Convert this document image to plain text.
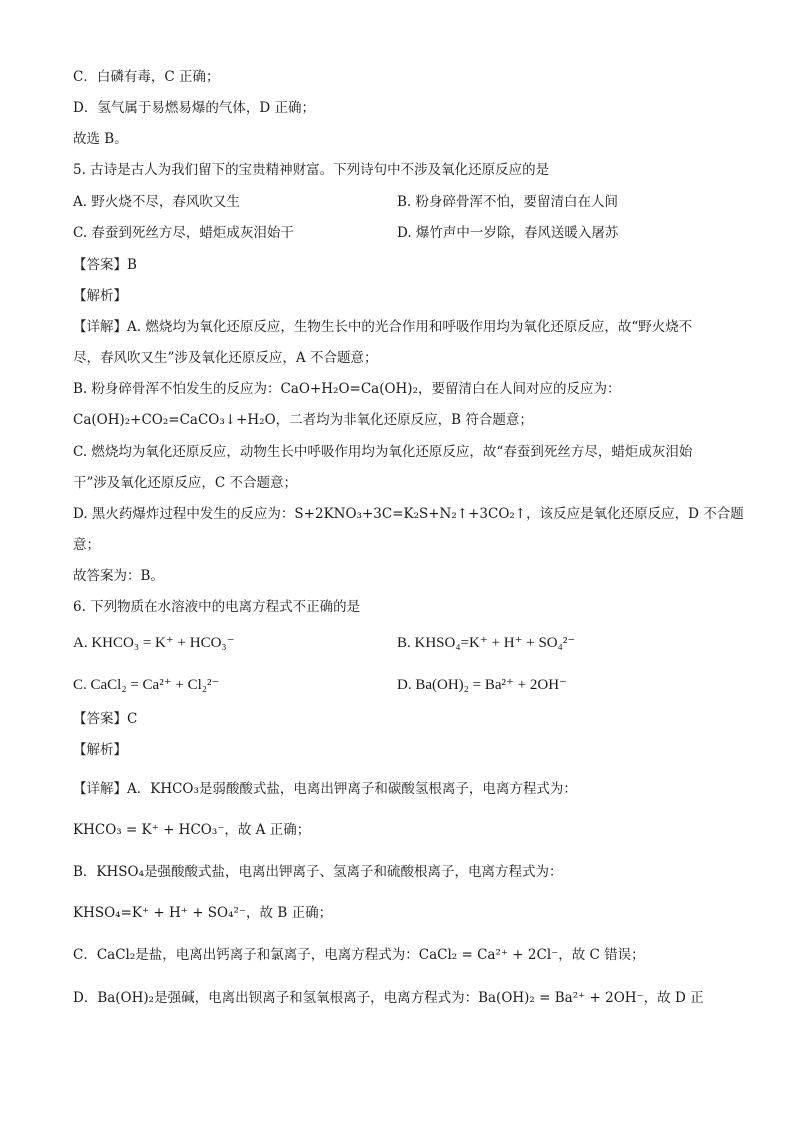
C．白磷有毒，C 正确；
D．氢气属于易燃易爆的气体，D 正确；
故选 B。
5. 古诗是古人为我们留下的宝贵精神财富。下列诗句中不涉及氧化还原反应的是
A. 野火烧不尽，春风吹又生	B. 粉身碎骨浑不怕，要留清白在人间
C. 春蚕到死丝方尽，蜡炬成灰泪始干	D. 爆竹声中一岁除，春风送暖入屠苏
【答案】B
【解析】
【详解】A. 燃烧均为氧化还原反应，生物生长中的光合作用和呼吸作用均为氧化还原反应，故“野火烧不
尽，春风吹又生”涉及氧化还原反应，A 不合题意；
B. 粉身碎骨浑不怕发生的反应为：CaO+H₂O=Ca(OH)₂，要留清白在人间对应的反应为：
Ca(OH)₂+CO₂=CaCO₃↓+H₂O，二者均为非氧化还原反应，B 符合题意；
C. 燃烧均为氧化还原反应，动物生长中呼吸作用均为氧化还原反应，故“春蚕到死丝方尽，蜡炬成灰泪始
干”涉及氧化还原反应，C 不合题意；
D. 黑火药爆炸过程中发生的反应为：S+2KNO₃+3C=K₂S+N₂↑+3CO₂↑，该反应是氧化还原反应，D 不合题
意；
故答案为：B。
6. 下列物质在水溶液中的电离方程式不正确的是
A. KHCO₃ = K⁺ + HCO₃⁻	B. KHSO₄=K⁺ + H⁺ + SO₄²⁻
C. CaCl₂ = Ca²⁺ + Cl₂²⁻	D. Ba(OH)₂ = Ba²⁺ + 2OH⁻
【答案】C
【解析】
【详解】A．KHCO₃是弱酸酸式盐，电离出钾离子和碳酸氢根离子，电离方程式为：
KHCO₃ = K⁺ + HCO₃⁻，故 A 正确；
B．KHSO₄是强酸酸式盐，电离出钾离子、氢离子和硫酸根离子，电离方程式为：
KHSO₄=K⁺ + H⁺ + SO₄²⁻，故 B 正确；
C．CaCl₂是盐，电离出钙离子和氯离子，电离方程式为：CaCl₂ = Ca²⁺ + 2Cl⁻，故 C 错误；
D．Ba(OH)₂是强碱，电离出钡离子和氢氧根离子，电离方程式为：Ba(OH)₂ = Ba²⁺ + 2OH⁻，故 D 正
